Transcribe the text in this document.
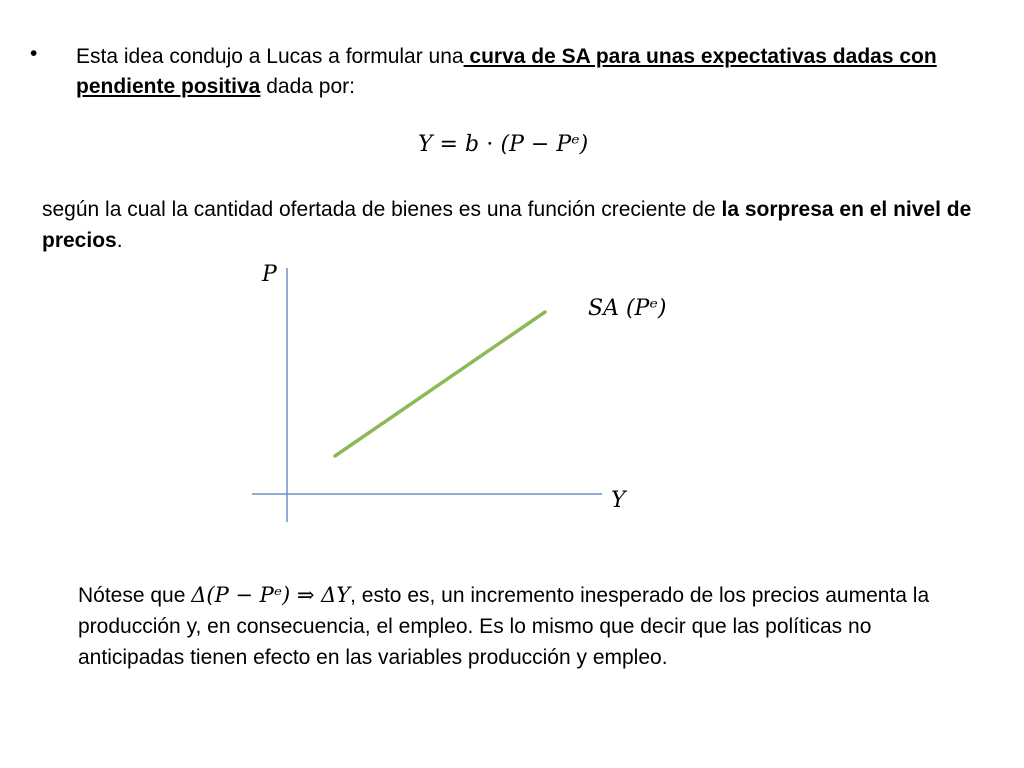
• Esta idea condujo a Lucas a formular una curva de SA para unas expectativas dadas con pendiente positiva dada por:
Y = b ⋅ (P − Pᵉ)
según la cual la cantidad ofertada de bienes es una función creciente de la sorpresa en el nivel de precios.
P
SA (Pᵉ)
Y
Nótese que Δ(P − Pᵉ) ⇒ ΔY, esto es, un incremento inesperado de los precios aumenta la producción y, en consecuencia, el empleo. Es lo mismo que decir que las políticas no anticipadas tienen efecto en las variables producción y empleo.
